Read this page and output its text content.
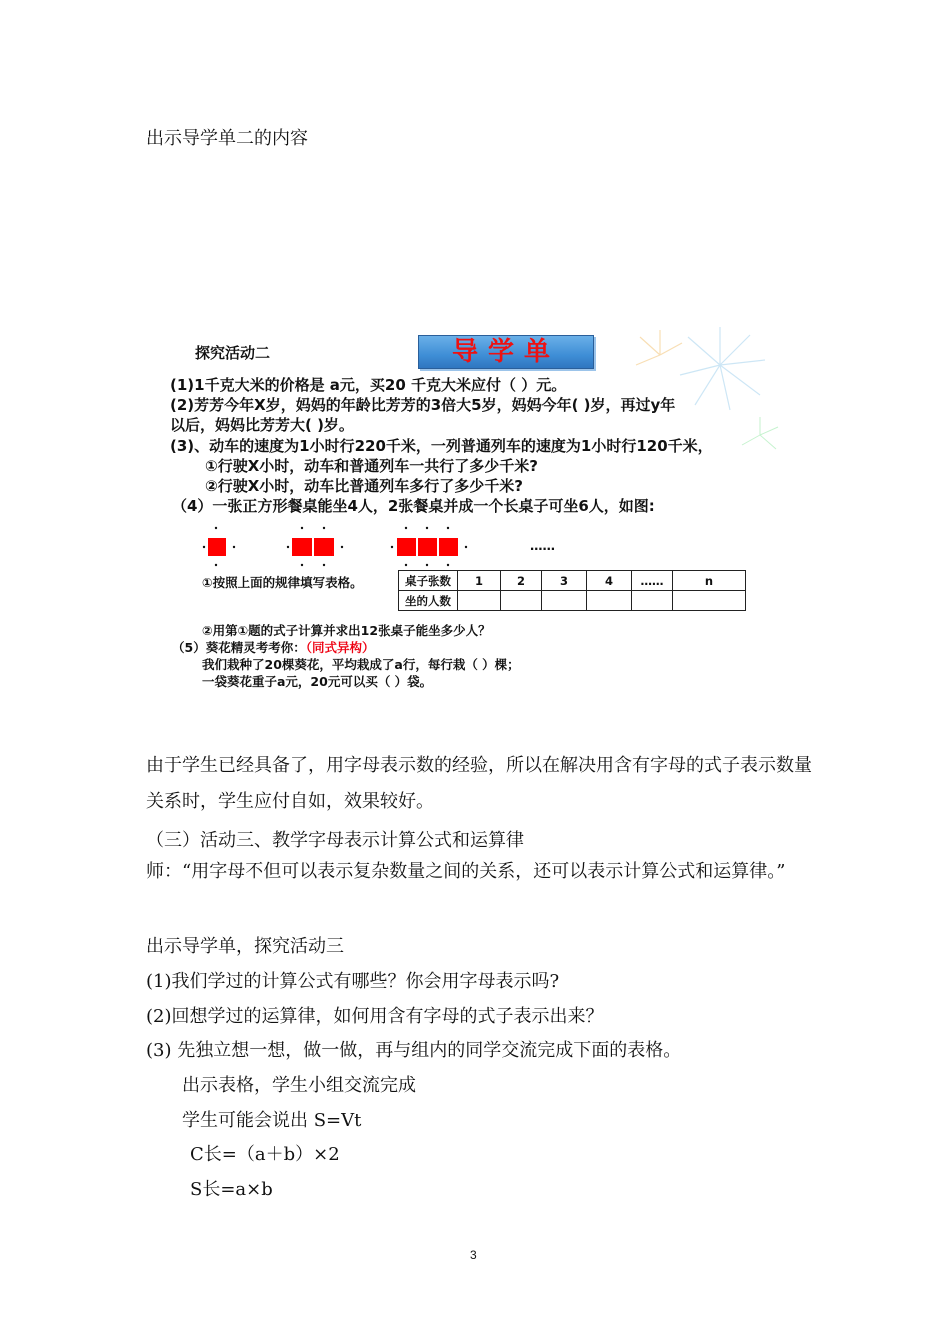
出示导学单二的内容
探究活动二	导学单
(1)1千克大米的价格是 a元，买20 千克大米应付（ ）元。
(2)芳芳今年X岁，妈妈的年龄比芳芳的3倍大5岁，妈妈今年( )岁，再过y年
以后，妈妈比芳芳大( )岁。
(3)、动车的速度为1小时行220千米，一列普通列车的速度为1小时行120千米，
①行驶X小时，动车和普通列车一共行了多少千米?
②行驶X小时，动车比普通列车多行了多少千米?
（4）一张正方形餐桌能坐4人，2张餐桌并成一个长桌子可坐6人，如图:
……
①按照上面的规律填写表格。	桌子张数	1	2	3	4	……	n
坐的人数						
②用第①题的式子计算并求出12张桌子能坐多少人？
（5）葵花精灵考考你：（同式异构）
我们栽种了20棵葵花，平均栽成了a行，每行栽（ ）棵；
一袋葵花重子a元，20元可以买（ ）袋。
由于学生已经具备了，用字母表示数的经验，所以在解决用含有字母的式子表示数量关系时，学生应付自如，效果较好。
（三）活动三、教学字母表示计算公式和运算律
师：“用字母不但可以表示复杂数量之间的关系，还可以表示计算公式和运算律。”
出示导学单，探究活动三
(1)我们学过的计算公式有哪些？你会用字母表示吗?
(2)回想学过的运算律，如何用含有字母的式子表示出来？
(3) 先独立想一想，做一做，再与组内的同学交流完成下面的表格。
出示表格，学生小组交流完成
学生可能会说出 S=Vt
C长=（a＋b）×2
S长=a×b
3
